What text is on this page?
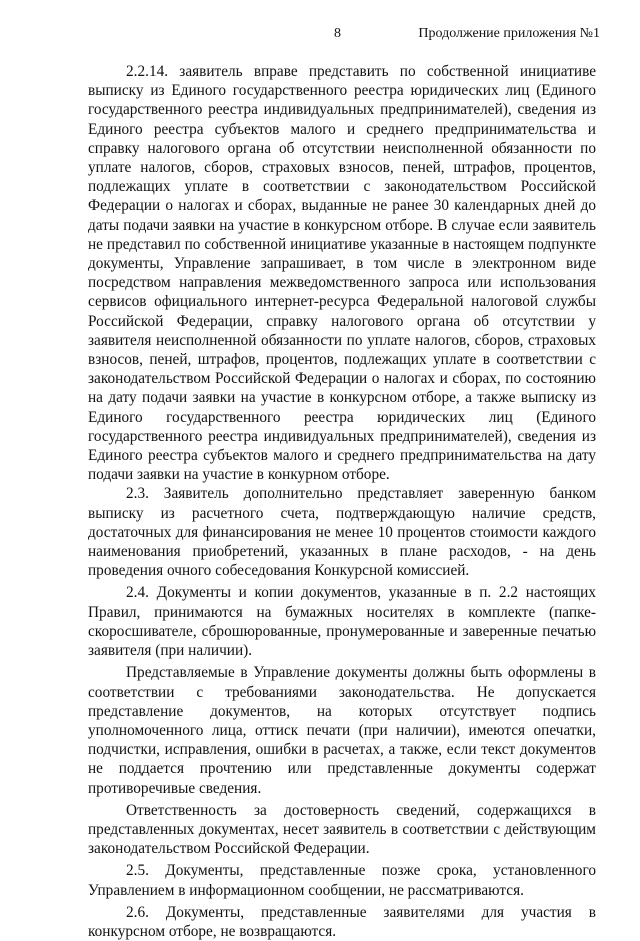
8	Продолжение приложения №1

2.2.14. заявитель вправе представить по собственной инициативе выписку из Единого государственного реестра юридических лиц (Единого государственного реестра индивидуальных предпринимателей), сведения из Единого реестра субъектов малого и среднего предпринимательства и справку налогового органа об отсутствии неисполненной обязанности по уплате налогов, сборов, страховых взносов, пеней, штрафов, процентов, подлежащих уплате в соответствии с законодательством Российской Федерации о налогах и сборах, выданные не ранее 30 календарных дней до даты подачи заявки на участие в конкурсном отборе. В случае если заявитель не представил по собственной инициативе указанные в настоящем подпункте документы, Управление запрашивает, в том числе в электронном виде посредством направления межведомственного запроса или использования сервисов официального интернет-ресурса Федеральной налоговой службы Российской Федерации, справку налогового органа об отсутствии у заявителя неисполненной обязанности по уплате налогов, сборов, страховых взносов, пеней, штрафов, процентов, подлежащих уплате в соответствии с законодательством Российской Федерации о налогах и сборах, по состоянию на дату подачи заявки на участие в конкурсном отборе, а также выписку из Единого государственного реестра юридических лиц (Единого государственного реестра индивидуальных предпринимателей), сведения из Единого реестра субъектов малого и среднего предпринимательства на дату подачи заявки на участие в конкурном отборе.

2.3. Заявитель дополнительно представляет заверенную банком выписку из расчетного счета, подтверждающую наличие средств, достаточных для финансирования не менее 10 процентов стоимости каждого наименования приобретений, указанных в плане расходов, - на день проведения очного собеседования Конкурсной комиссией.

2.4. Документы и копии документов, указанные в п. 2.2 настоящих Правил, принимаются на бумажных носителях в комплекте (папке-скоросшивателе, сброшюрованные, пронумерованные и заверенные печатью заявителя (при наличии).

Представляемые в Управление документы должны быть оформлены в соответствии с требованиями законодательства. Не допускается представление документов, на которых отсутствует подпись уполномоченного лица, оттиск печати (при наличии), имеются опечатки, подчистки, исправления, ошибки в расчетах, а также, если текст документов не поддается прочтению или представленные документы содержат противоречивые сведения.

Ответственность за достоверность сведений, содержащихся в представленных документах, несет заявитель в соответствии с действующим законодательством Российской Федерации.

2.5. Документы, представленные позже срока, установленного Управлением в информационном сообщении, не рассматриваются.

2.6. Документы, представленные заявителями для участия в конкурсном отборе, не возвращаются.
